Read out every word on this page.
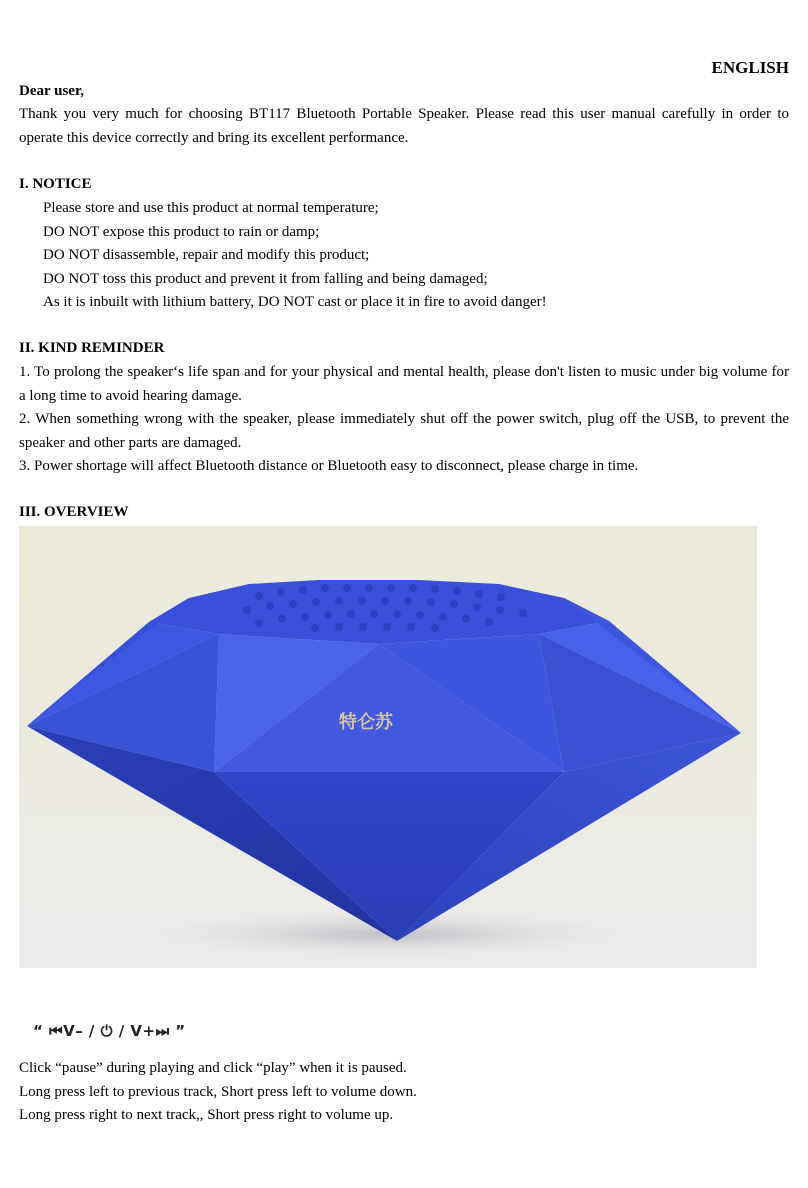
ENGLISH

Dear user,

Thank you very much for choosing BT117 Bluetooth Portable Speaker. Please read this user manual carefully in order to operate this device correctly and bring its excellent performance.

I. NOTICE

Please store and use this product at normal temperature;
DO NOT expose this product to rain or damp;
DO NOT disassemble, repair and modify this product;
DO NOT toss this product and prevent it from falling and being damaged;
As it is inbuilt with lithium battery, DO NOT cast or place it in fire to avoid danger!

II. KIND REMINDER

1. To prolong the speaker‘s life span and for your physical and mental health, please don't listen to music under big volume for a long time to avoid hearing damage.

2. When something wrong with the speaker, please immediately shut off the power switch, plug off the USB, to prevent the speaker and other parts are damaged.

3. Power shortage will affect Bluetooth distance or Bluetooth easy to disconnect, please charge in time.

III. OVERVIEW

特仑苏
“ ⏮V– / ⏻ / V+⏭ ”
Click “pause” during playing and click “play” when it is paused.
Long press left to previous track, Short press left to volume down.
Long press right to next track,, Short press right to volume up.
